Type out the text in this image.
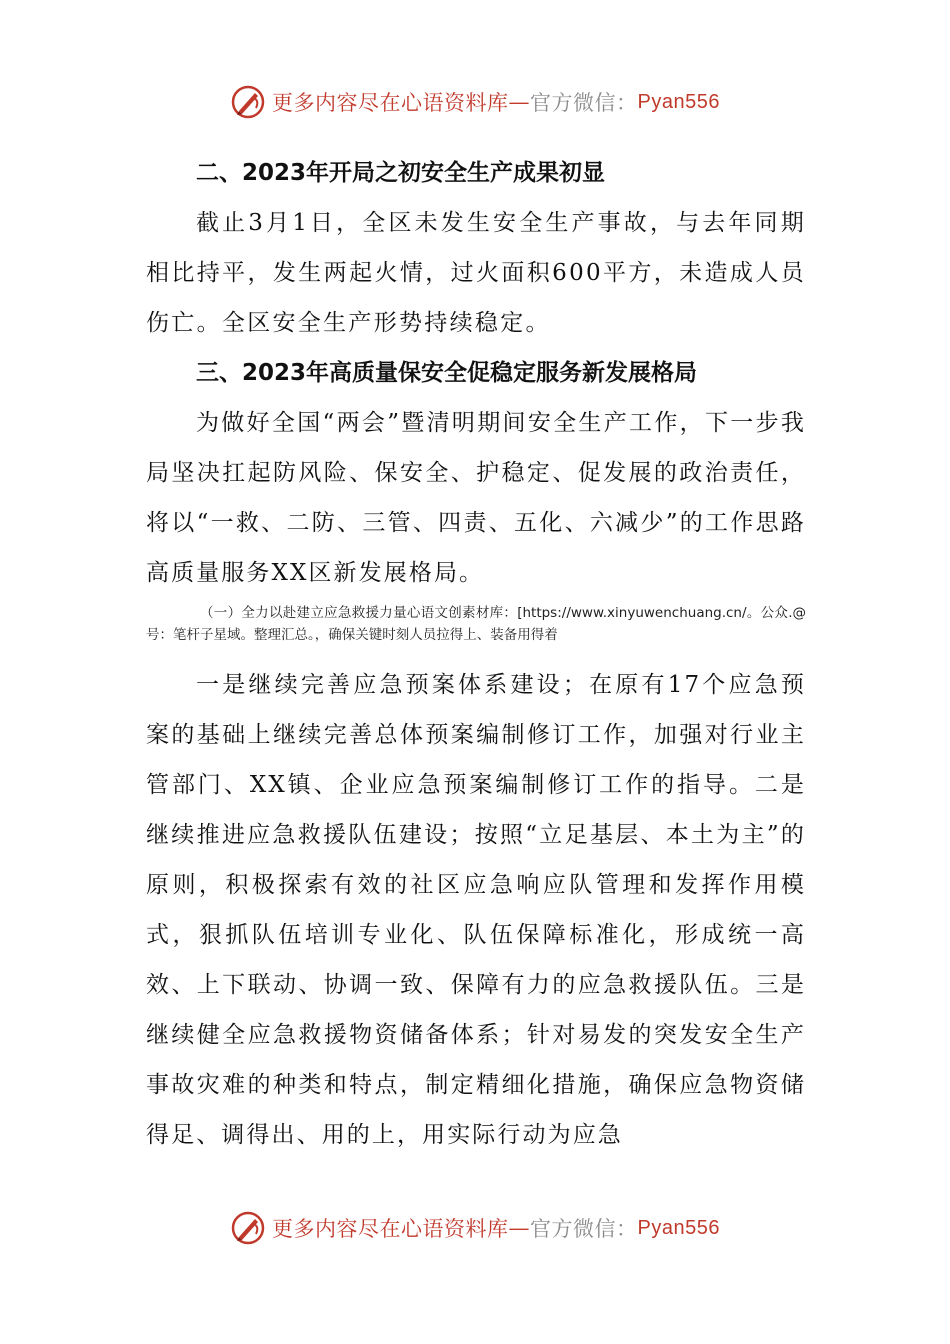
更多内容尽在心语资料库 — 官方微信： Pyan556
二、2023年开局之初安全生产成果初显

截止3月1日，全区未发生安全生产事故，与去年同期相比持平，发生两起火情，过火面积600平方，未造成人员伤亡。全区安全生产形势持续稳定。

三、2023年高质量保安全促稳定服务新发展格局

为做好全国“两会”暨清明期间安全生产工作，下一步我局坚决扛起防风险、保安全、护稳定、促发展的政治责任，将以“一救、二防、三管、四责、五化、六减少”的工作思路高质量服务XX区新发展格局。

（一）全力以赴建立应急救援力量心语文创素材库：[https://www.xinyuwenchuang.cn/。公众.@号：笔杆子星域。整理汇总。，确保关键时刻人员拉得上、装备用得着

一是继续完善应急预案体系建设；在原有17个应急预案的基础上继续完善总体预案编制修订工作，加强对行业主管部门、XX镇、企业应急预案编制修订工作的指导。二是继续推进应急救援队伍建设；按照“立足基层、本土为主”的原则，积极探索有效的社区应急响应队管理和发挥作用模式，狠抓队伍培训专业化、队伍保障标准化，形成统一高效、上下联动、协调一致、保障有力的应急救援队伍。三是继续健全应急救援物资储备体系；针对易发的突发安全生产事故灾难的种类和特点，制定精细化措施，确保应急物资储得足、调得出、用的上，用实际行动为应急

更多内容尽在心语资料库 — 官方微信： Pyan556
